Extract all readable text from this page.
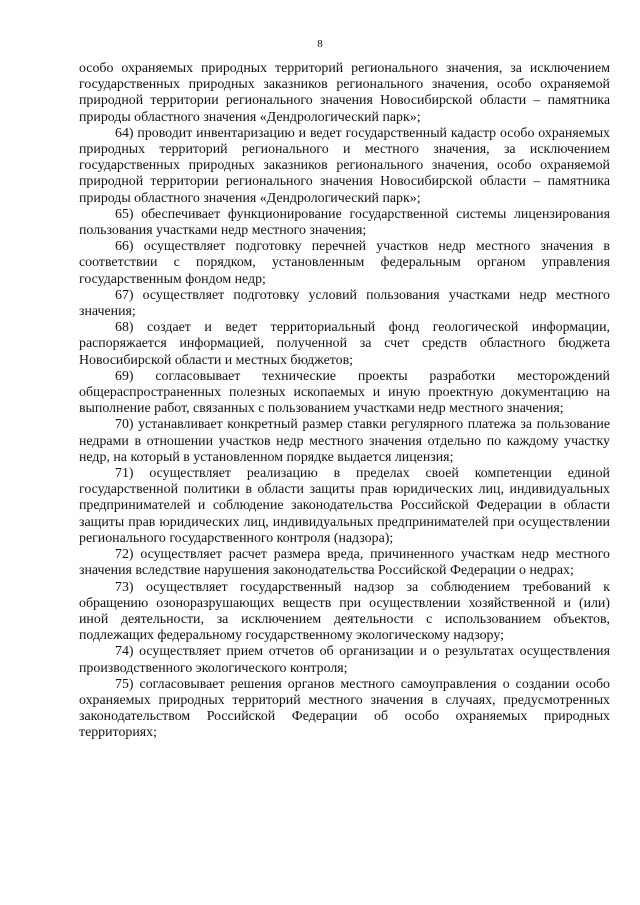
8

особо охраняемых природных территорий регионального значения, за исключением государственных природных заказников регионального значения, особо охраняемой природной территории регионального значения Новосибирской области – памятника природы областного значения «Дендрологический парк»;

64) проводит инвентаризацию и ведет государственный кадастр особо охраняемых природных территорий регионального и местного значения, за исключением государственных природных заказников регионального значения, особо охраняемой природной территории регионального значения Новосибирской области – памятника природы областного значения «Дендрологический парк»;

65) обеспечивает функционирование государственной системы лицензирования пользования участками недр местного значения;

66) осуществляет подготовку перечней участков недр местного значения в соответствии с порядком, установленным федеральным органом управления государственным фондом недр;

67) осуществляет подготовку условий пользования участками недр местного значения;

68) создает и ведет территориальный фонд геологической информации, распоряжается информацией, полученной за счет средств областного бюджета Новосибирской области и местных бюджетов;

69) согласовывает технические проекты разработки месторождений общераспространенных полезных ископаемых и иную проектную документацию на выполнение работ, связанных с пользованием участками недр местного значения;

70) устанавливает конкретный размер ставки регулярного платежа за пользование недрами в отношении участков недр местного значения отдельно по каждому участку недр, на который в установленном порядке выдается лицензия;

71) осуществляет реализацию в пределах своей компетенции единой государственной политики в области защиты прав юридических лиц, индивидуальных предпринимателей и соблюдение законодательства Российской Федерации в области защиты прав юридических лиц, индивидуальных предпринимателей при осуществлении регионального государственного контроля (надзора);

72) осуществляет расчет размера вреда, причиненного участкам недр местного значения вследствие нарушения законодательства Российской Федерации о недрах;

73) осуществляет государственный надзор за соблюдением требований к обращению озоноразрушающих веществ при осуществлении хозяйственной и (или) иной деятельности, за исключением деятельности с использованием объектов, подлежащих федеральному государственному экологическому надзору;

74) осуществляет прием отчетов об организации и о результатах осуществления производственного экологического контроля;

75) согласовывает решения органов местного самоуправления о создании особо охраняемых природных территорий местного значения в случаях, предусмотренных законодательством Российской Федерации об особо охраняемых природных территориях;
